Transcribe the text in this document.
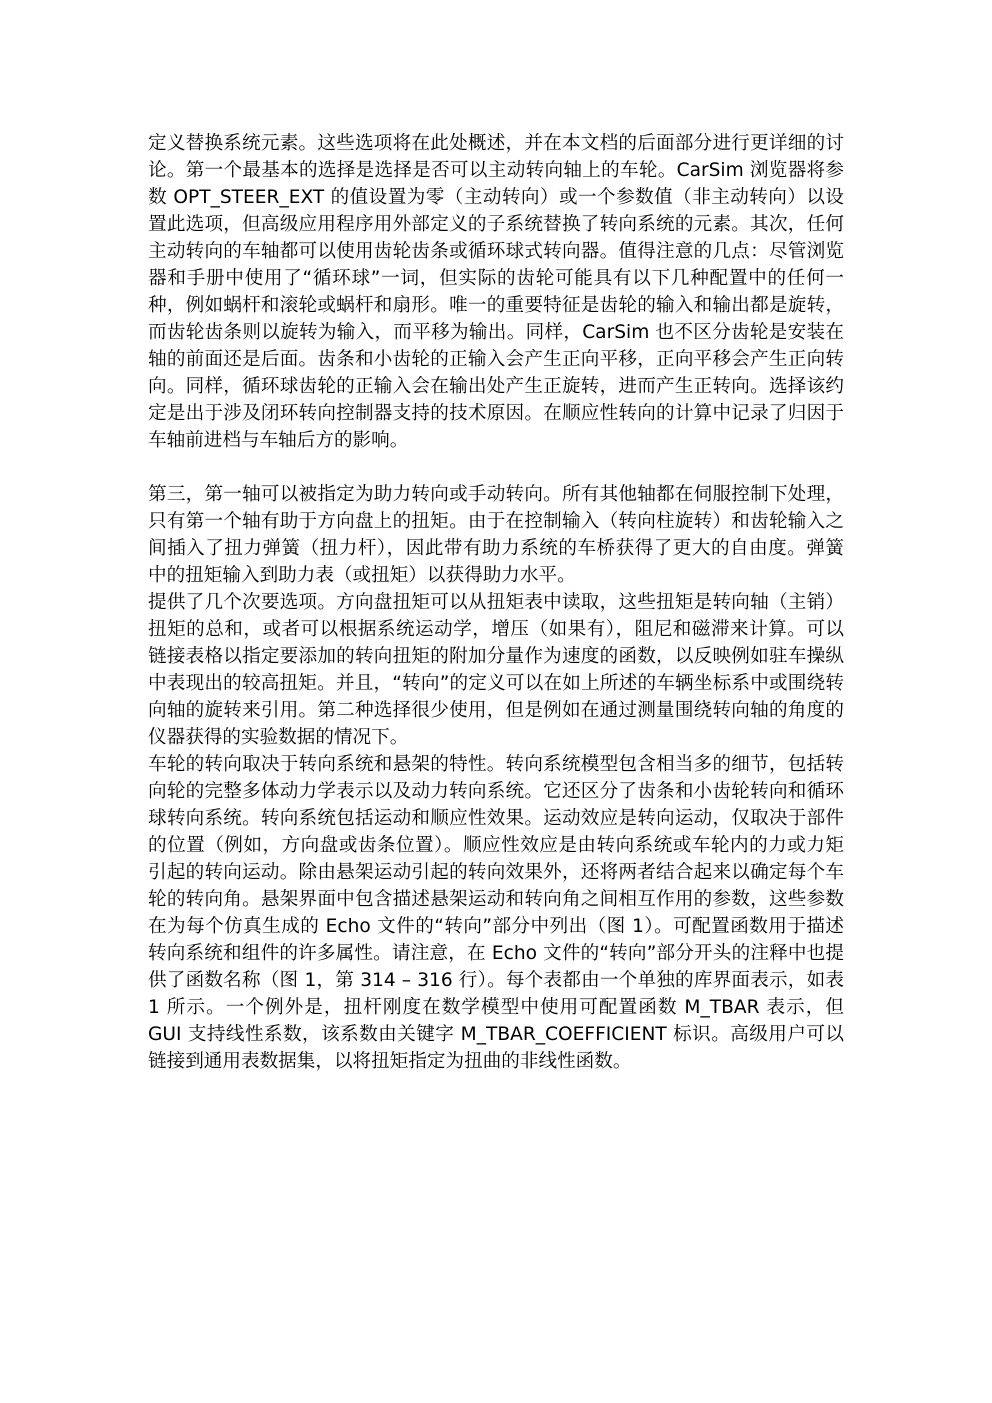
定义替换系统元素。这些选项将在此处概述，并在本文档的后面部分进行更详细的讨论。第一个最基本的选择是选择是否可以主动转向轴上的车轮。CarSim 浏览器将参数 OPT_STEER_EXT 的值设置为零（主动转向）或一个参数值（非主动转向）以设置此选项，但高级应用程序用外部定义的子系统替换了转向系统的元素。其次，任何主动转向的车轴都可以使用齿轮齿条或循环球式转向器。值得注意的几点：尽管浏览器和手册中使用了“循环球”一词，但实际的齿轮可能具有以下几种配置中的任何一种，例如蜗杆和滚轮或蜗杆和扇形。唯一的重要特征是齿轮的输入和输出都是旋转，而齿轮齿条则以旋转为输入，而平移为输出。同样，CarSim 也不区分齿轮是安装在轴的前面还是后面。齿条和小齿轮的正输入会产生正向平移，正向平移会产生正向转向。同样，循环球齿轮的正输入会在输出处产生正旋转，进而产生正转向。选择该约定是出于涉及闭环转向控制器支持的技术原因。在顺应性转向的计算中记录了归因于车轴前进档与车轴后方的影响。

第三，第一轴可以被指定为助力转向或手动转向。所有其他轴都在伺服控制下处理，只有第一个轴有助于方向盘上的扭矩。由于在控制输入（转向柱旋转）和齿轮输入之间插入了扭力弹簧（扭力杆），因此带有助力系统的车桥获得了更大的自由度。弹簧中的扭矩输入到助力表（或扭矩）以获得助力水平。

提供了几个次要选项。方向盘扭矩可以从扭矩表中读取，这些扭矩是转向轴（主销）扭矩的总和，或者可以根据系统运动学，增压（如果有），阻尼和磁滞来计算。可以链接表格以指定要添加的转向扭矩的附加分量作为速度的函数，以反映例如驻车操纵中表现出的较高扭矩。并且，“转向”的定义可以在如上所述的车辆坐标系中或围绕转向轴的旋转来引用。第二种选择很少使用，但是例如在通过测量围绕转向轴的角度的仪器获得的实验数据的情况下。

车轮的转向取决于转向系统和悬架的特性。转向系统模型包含相当多的细节，包括转向轮的完整多体动力学表示以及动力转向系统。它还区分了齿条和小齿轮转向和循环球转向系统。转向系统包括运动和顺应性效果。运动效应是转向运动，仅取决于部件的位置（例如，方向盘或齿条位置）。顺应性效应是由转向系统或车轮内的力或力矩引起的转向运动。除由悬架运动引起的转向效果外，还将两者结合起来以确定每个车轮的转向角。悬架界面中包含描述悬架运动和转向角之间相互作用的参数，这些参数在为每个仿真生成的 Echo 文件的“转向”部分中列出（图 1）。可配置函数用于描述转向系统和组件的许多属性。请注意，在 Echo 文件的“转向”部分开头的注释中也提供了函数名称（图 1，第 314 – 316 行）。每个表都由一个单独的库界面表示，如表 1 所示。一个例外是，扭杆刚度在数学模型中使用可配置函数 M_TBAR 表示，但 GUI 支持线性系数，该系数由关键字 M_TBAR_COEFFICIENT 标识。高级用户可以链接到通用表数据集，以将扭矩指定为扭曲的非线性函数。
